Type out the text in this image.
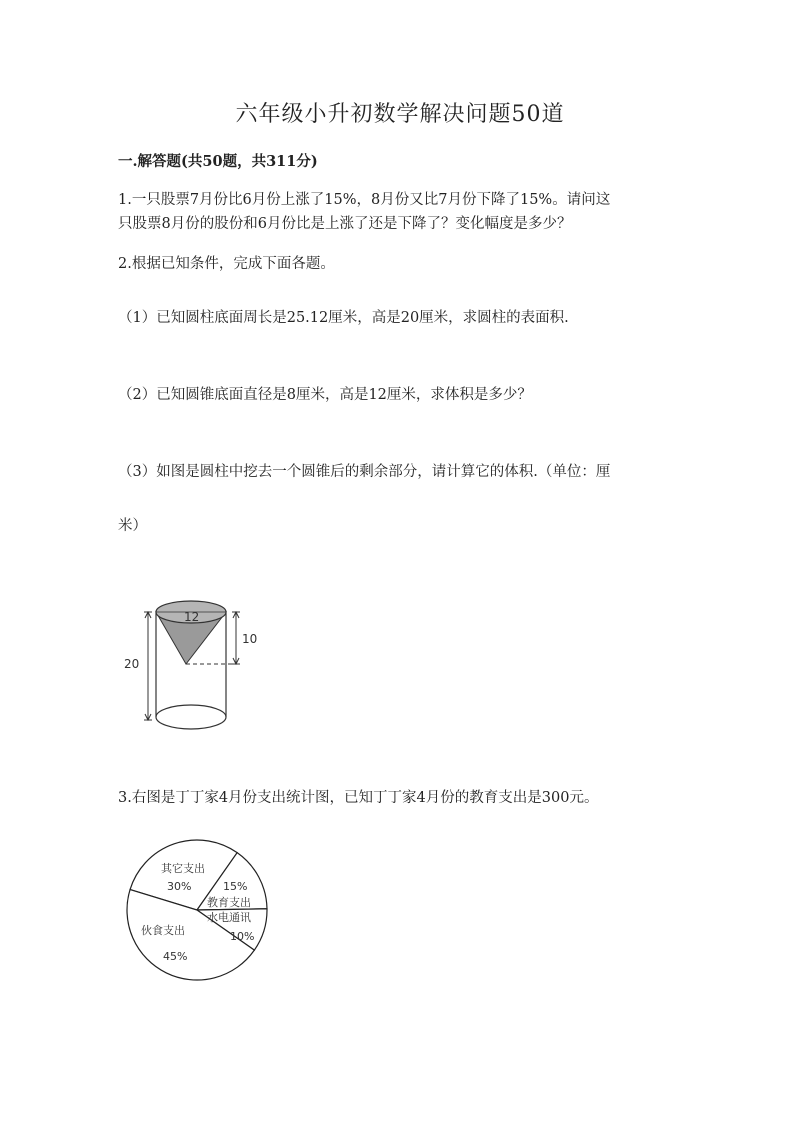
六年级小升初数学解决问题50道
一.解答题(共50题，共311分)
1.一只股票7月份比6月份上涨了15%，8月份又比7月份下降了15%。请问这
只股票8月份的股份和6月份比是上涨了还是下降了？变化幅度是多少？
2.根据已知条件，完成下面各题。
（1）已知圆柱底面周长是25.12厘米，高是20厘米，求圆柱的表面积.
（2）已知圆锥底面直径是8厘米，高是12厘米，求体积是多少？
（3）如图是圆柱中挖去一个圆锥后的剩余部分，请计算它的体积.（单位：厘
米）
12
10
20
3.右图是丁丁家4月份支出统计图，已知丁丁家4月份的教育支出是300元。
其它支出
30%
教育支出
15%
水电通讯
10%
伙食支出
45%
